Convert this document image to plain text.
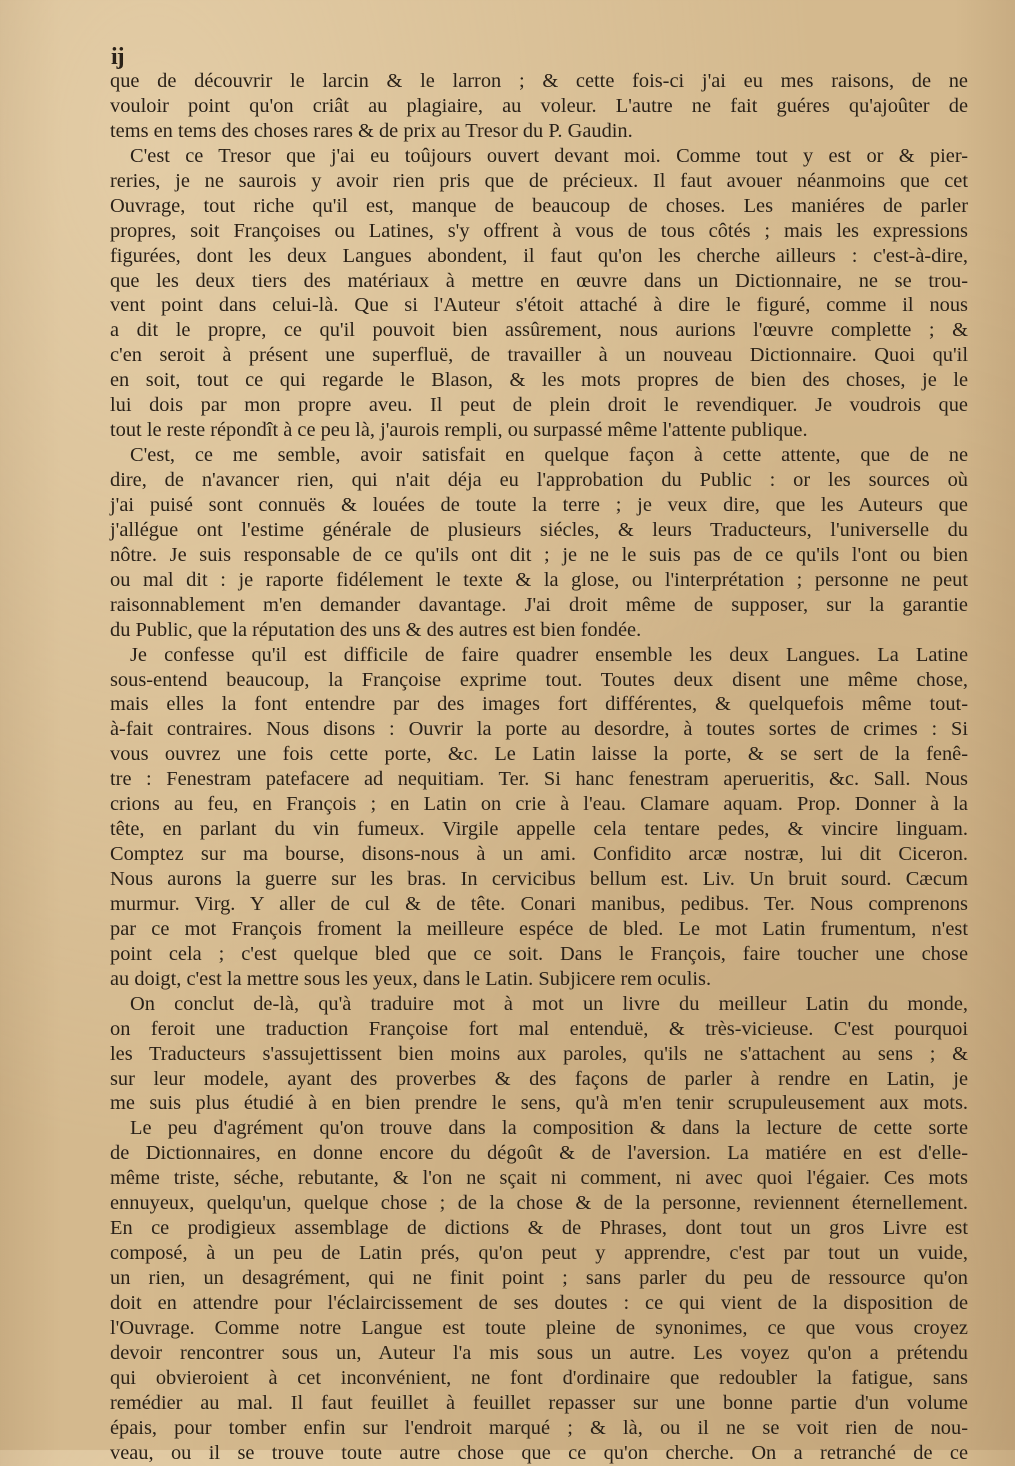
ij
que de découvrir le larcin & le larron ; & cette fois-ci j'ai eu mes raisons, de ne
vouloir point qu'on criât au plagiaire, au voleur. L'autre ne fait guéres qu'ajoûter de
tems en tems des choses rares & de prix au Tresor du P. Gaudin.
C'est ce Tresor que j'ai eu toûjours ouvert devant moi. Comme tout y est or & pier-
reries, je ne saurois y avoir rien pris que de précieux. Il faut avouer néanmoins que cet
Ouvrage, tout riche qu'il est, manque de beaucoup de choses. Les maniéres de parler
propres, soit Françoises ou Latines, s'y offrent à vous de tous côtés ; mais les expressions
figurées, dont les deux Langues abondent, il faut qu'on les cherche ailleurs : c'est-à-dire,
que les deux tiers des matériaux à mettre en œuvre dans un Dictionnaire, ne se trou-
vent point dans celui-là. Que si l'Auteur s'étoit attaché à dire le figuré, comme il nous
a dit le propre, ce qu'il pouvoit bien assûrement, nous aurions l'œuvre complette ; &
c'en seroit à présent une superfluë, de travailler à un nouveau Dictionnaire. Quoi qu'il
en soit, tout ce qui regarde le Blason, & les mots propres de bien des choses, je le
lui dois par mon propre aveu. Il peut de plein droit le revendiquer. Je voudrois que
tout le reste répondît à ce peu là, j'aurois rempli, ou surpassé même l'attente publique.
C'est, ce me semble, avoir satisfait en quelque façon à cette attente, que de ne
dire, de n'avancer rien, qui n'ait déja eu l'approbation du Public : or les sources où
j'ai puisé sont connuës & louées de toute la terre ; je veux dire, que les Auteurs que
j'allégue ont l'estime générale de plusieurs siécles, & leurs Traducteurs, l'universelle du
nôtre. Je suis responsable de ce qu'ils ont dit ; je ne le suis pas de ce qu'ils l'ont ou bien
ou mal dit : je raporte fidélement le texte & la glose, ou l'interprétation ; personne ne peut
raisonnablement m'en demander davantage. J'ai droit même de supposer, sur la garantie
du Public, que la réputation des uns & des autres est bien fondée.
Je confesse qu'il est difficile de faire quadrer ensemble les deux Langues. La Latine
sous-entend beaucoup, la Françoise exprime tout. Toutes deux disent une même chose,
mais elles la font entendre par des images fort différentes, & quelquefois même tout-
à-fait contraires. Nous disons : Ouvrir la porte au desordre, à toutes sortes de crimes : Si
vous ouvrez une fois cette porte, &c. Le Latin laisse la porte, & se sert de la fenê-
tre : Fenestram patefacere ad nequitiam. Ter. Si hanc fenestram aperueritis, &c. Sall. Nous
crions au feu, en François ; en Latin on crie à l'eau. Clamare aquam. Prop. Donner à la
tête, en parlant du vin fumeux. Virgile appelle cela tentare pedes, & vincire linguam.
Comptez sur ma bourse, disons-nous à un ami. Confidito arcæ nostræ, lui dit Ciceron.
Nous aurons la guerre sur les bras. In cervicibus bellum est. Liv. Un bruit sourd. Cæcum
murmur. Virg. Y aller de cul & de tête. Conari manibus, pedibus. Ter. Nous comprenons
par ce mot François froment la meilleure espéce de bled. Le mot Latin frumentum, n'est
point cela ; c'est quelque bled que ce soit. Dans le François, faire toucher une chose
au doigt, c'est la mettre sous les yeux, dans le Latin. Subjicere rem oculis.
On conclut de-là, qu'à traduire mot à mot un livre du meilleur Latin du monde,
on feroit une traduction Françoise fort mal entenduë, & très-vicieuse. C'est pourquoi
les Traducteurs s'assujettissent bien moins aux paroles, qu'ils ne s'attachent au sens ; &
sur leur modele, ayant des proverbes & des façons de parler à rendre en Latin, je
me suis plus étudié à en bien prendre le sens, qu'à m'en tenir scrupuleusement aux mots.
Le peu d'agrément qu'on trouve dans la composition & dans la lecture de cette sorte
de Dictionnaires, en donne encore du dégoût & de l'aversion. La matiére en est d'elle-
même triste, séche, rebutante, & l'on ne sçait ni comment, ni avec quoi l'égaier. Ces mots
ennuyeux, quelqu'un, quelque chose ; de la chose & de la personne, reviennent éternellement.
En ce prodigieux assemblage de dictions & de Phrases, dont tout un gros Livre est
composé, à un peu de Latin prés, qu'on peut y apprendre, c'est par tout un vuide,
un rien, un desagrément, qui ne finit point ; sans parler du peu de ressource qu'on
doit en attendre pour l'éclaircissement de ses doutes : ce qui vient de la disposition de
l'Ouvrage. Comme notre Langue est toute pleine de synonimes, ce que vous croyez
devoir rencontrer sous un, Auteur l'a mis sous un autre. Les voyez qu'on a prétendu
qui obvieroient à cet inconvénient, ne font d'ordinaire que redoubler la fatigue, sans
remédier au mal. Il faut feuillet à feuillet repasser sur une bonne partie d'un volume
épais, pour tomber enfin sur l'endroit marqué ; & là, ou il ne se voit rien de nou-
veau, ou il se trouve toute autre chose que ce qu'on cherche. On a retranché de ce
